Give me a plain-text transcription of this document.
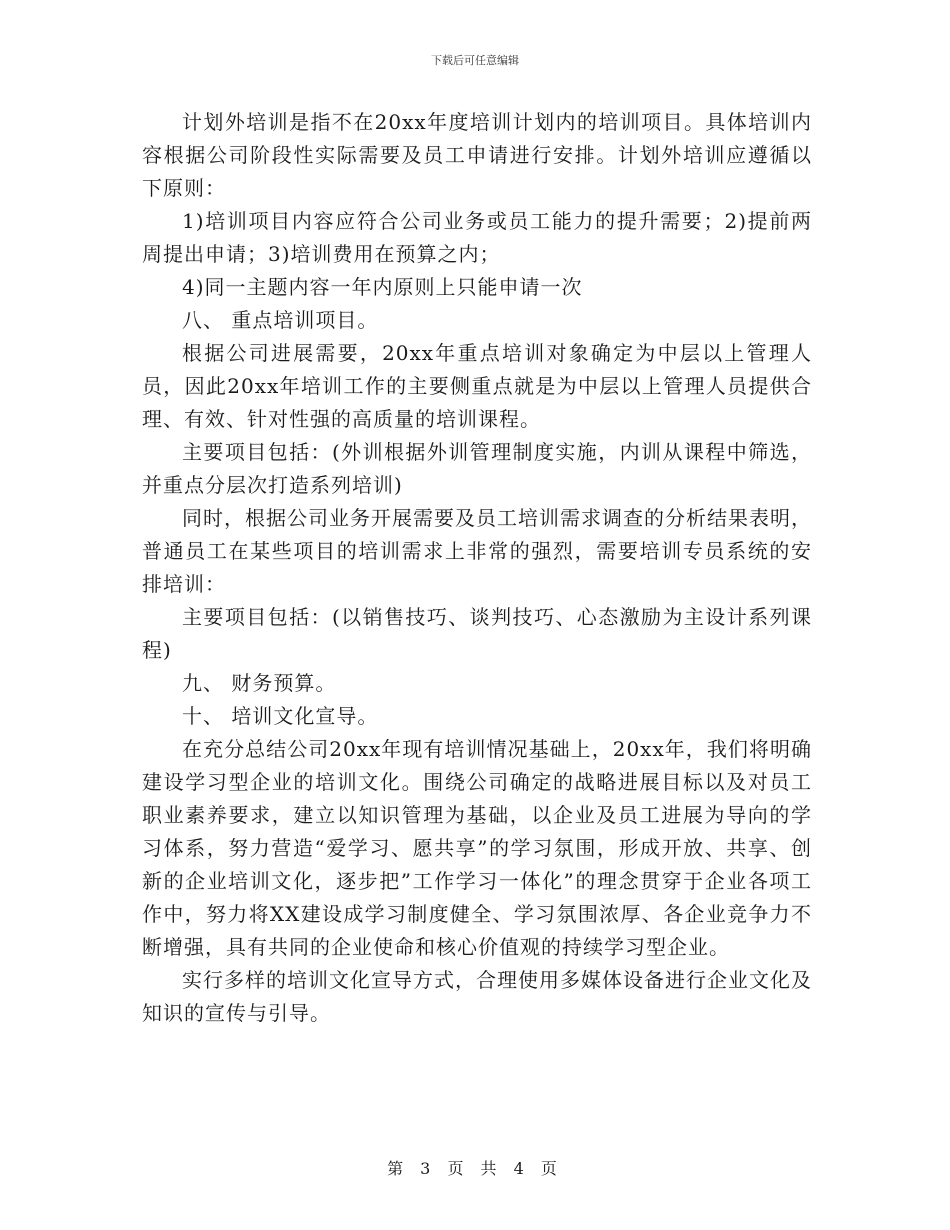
下载后可任意编辑

计划外培训是指不在20xx年度培训计划内的培训项目。具体培训内容根据公司阶段性实际需要及员工申请进行安排。计划外培训应遵循以下原则：

1)培训项目内容应符合公司业务或员工能力的提升需要；2)提前两周提出申请；3)培训费用在预算之内；

4)同一主题内容一年内原则上只能申请一次

八、 重点培训项目。

根据公司进展需要，20xx年重点培训对象确定为中层以上管理人员，因此20xx年培训工作的主要侧重点就是为中层以上管理人员提供合理、有效、针对性强的高质量的培训课程。

主要项目包括：(外训根据外训管理制度实施，内训从课程中筛选，并重点分层次打造系列培训)

同时，根据公司业务开展需要及员工培训需求调查的分析结果表明，普通员工在某些项目的培训需求上非常的强烈，需要培训专员系统的安排培训：

主要项目包括：(以销售技巧、谈判技巧、心态激励为主设计系列课程)

九、 财务预算。

十、 培训文化宣导。

在充分总结公司20xx年现有培训情况基础上，20xx年，我们将明确建设学习型企业的培训文化。围绕公司确定的战略进展目标以及对员工职业素养要求，建立以知识管理为基础，以企业及员工进展为导向的学习体系，努力营造“爱学习、愿共享”的学习氛围，形成开放、共享、创新的企业培训文化，逐步把”工作学习一体化”的理念贯穿于企业各项工作中，努力将XX建设成学习制度健全、学习氛围浓厚、各企业竞争力不断增强，具有共同的企业使命和核心价值观的持续学习型企业。

实行多样的培训文化宣导方式，合理使用多媒体设备进行企业文化及知识的宣传与引导。

第 3 页 共 4 页
